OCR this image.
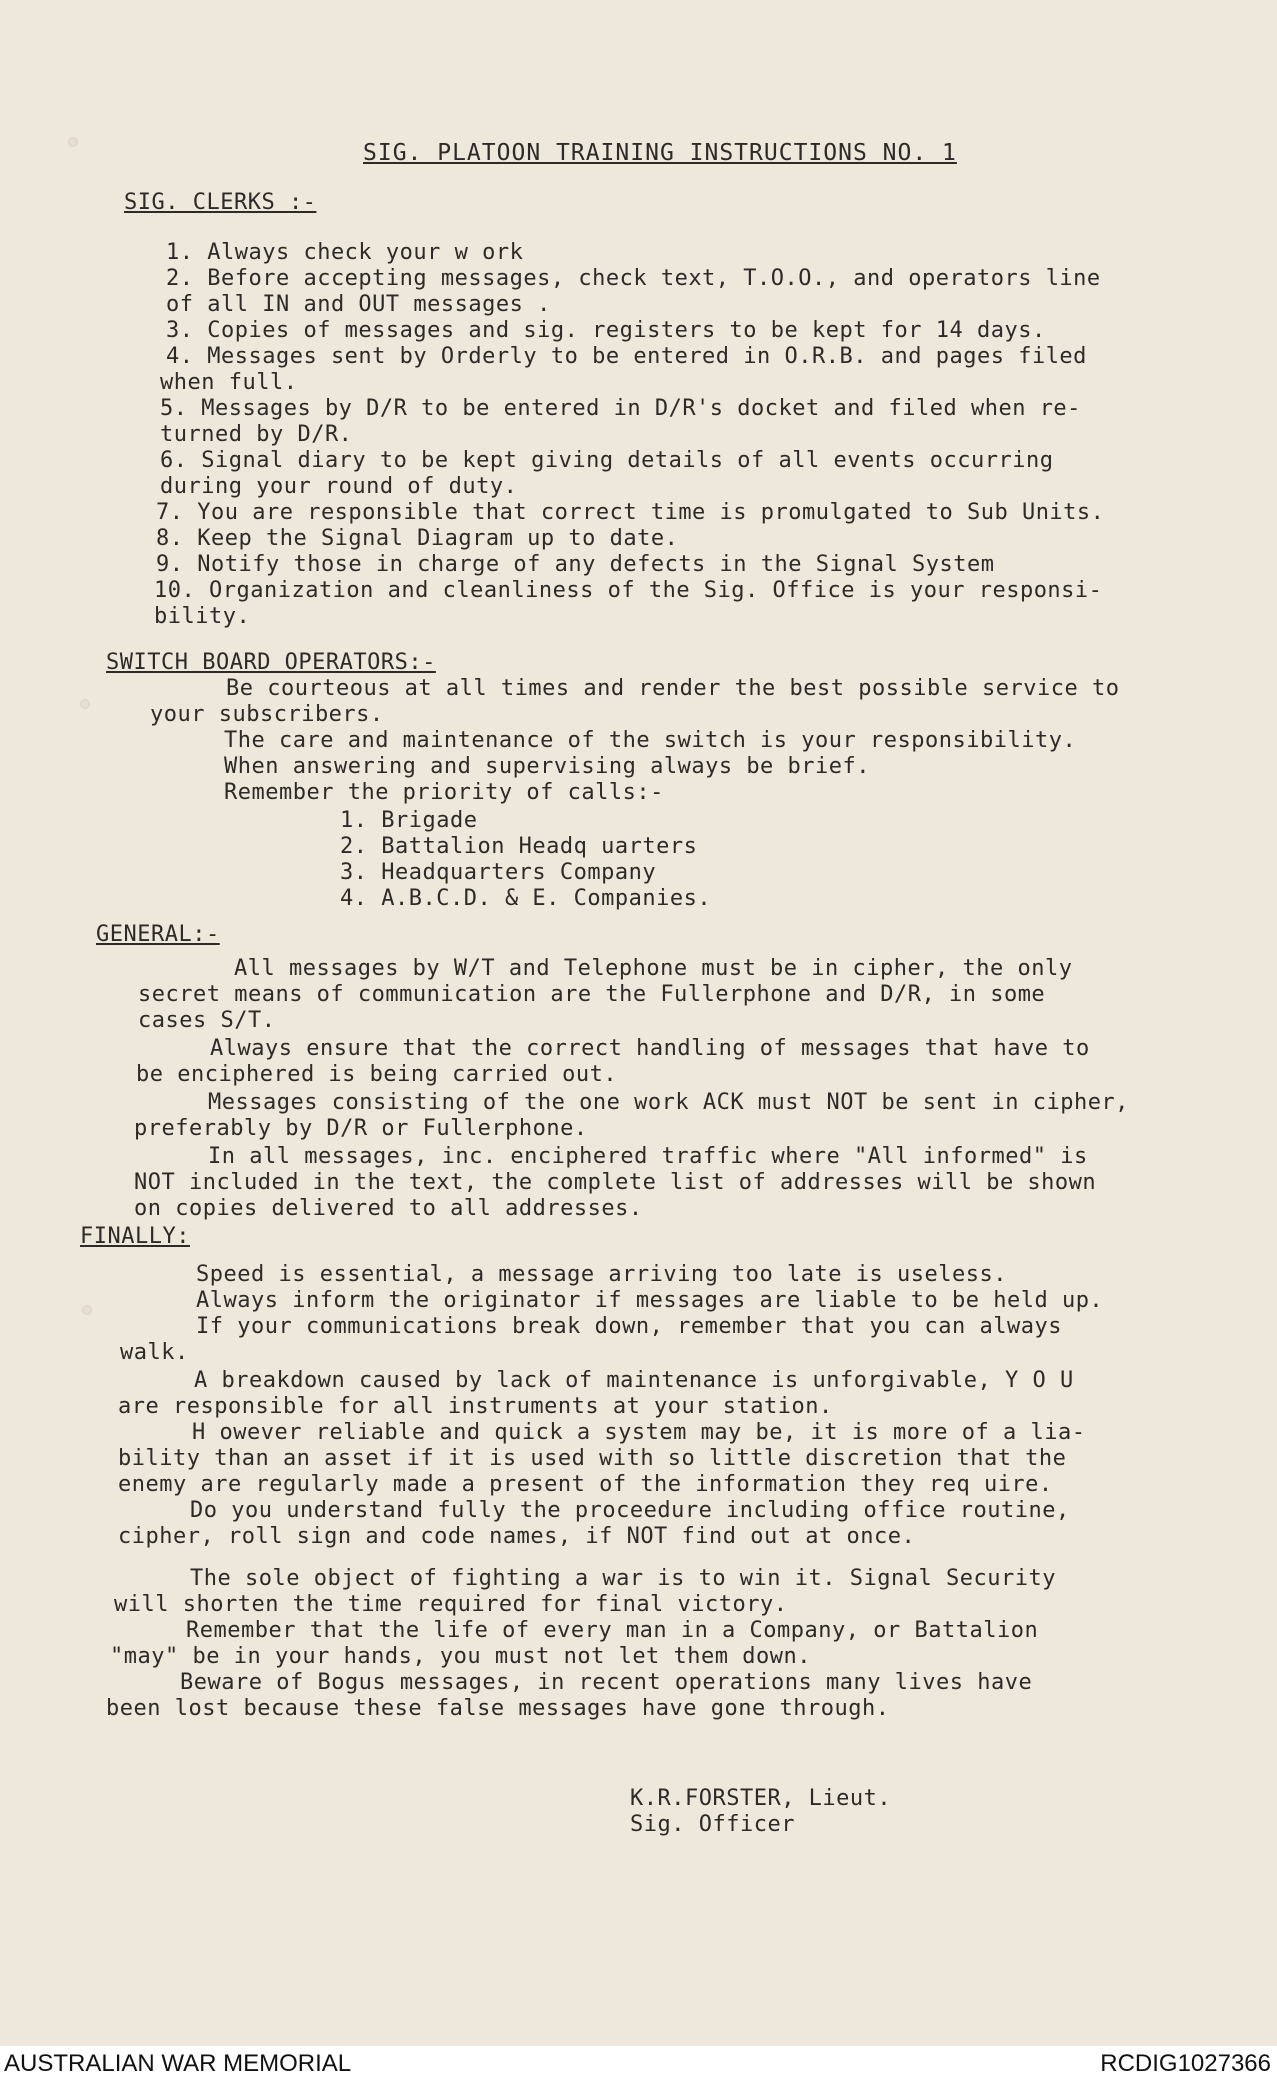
SIG. PLATOON TRAINING INSTRUCTIONS NO. 1
SIG. CLERKS :-
1. Always check your w ork
2. Before accepting messages, check text, T.O.O., and operators line
of all IN and OUT messages .
3. Copies of messages and sig. registers to be kept for 14 days.
4. Messages sent by Orderly to be entered in O.R.B. and pages filed
when full.
5. Messages by D/R to be entered in D/R's docket and filed when re-
turned by D/R.
6. Signal diary to be kept giving details of all events occurring
during your round of duty.
7. You are responsible that correct time is promulgated to Sub Units.
8. Keep the Signal Diagram up to date.
9. Notify those in charge of any defects in the Signal System
10. Organization and cleanliness of the Sig. Office is your responsi-
bility.
SWITCH BOARD OPERATORS:-
Be courteous at all times and render the best possible service to
your subscribers.
The care and maintenance of the switch is your responsibility.
When answering and supervising always be brief.
Remember the priority of calls:-
1. Brigade
2. Battalion Headq uarters
3. Headquarters Company
4. A.B.C.D. & E. Companies.
GENERAL:-
All messages by W/T and Telephone must be in cipher, the only
secret means of communication are the Fullerphone and D/R, in some
cases S/T.
Always ensure that the correct handling of messages that have to
be enciphered is being carried out.
Messages consisting of the one work ACK must NOT be sent in cipher,
preferably by D/R or Fullerphone.
In all messages, inc. enciphered traffic where "All informed" is
NOT included in the text, the complete list of addresses will be shown
on copies delivered to all addresses.
FINALLY:
Speed is essential, a message arriving too late is useless.
Always inform the originator if messages are liable to be held up.
If your communications break down, remember that you can always
walk.
A breakdown caused by lack of maintenance is unforgivable, Y O U
are responsible for all instruments at your station.
H owever reliable and quick a system may be, it is more of a lia-
bility than an asset if it is used with so little discretion that the
enemy are regularly made a present of the information they req uire.
Do you understand fully the proceedure including office routine,
cipher, roll sign and code names, if NOT find out at once.
The sole object of fighting a war is to win it. Signal Security
will shorten the time required for final victory.
Remember that the life of every man in a Company, or Battalion
"may" be in your hands, you must not let them down.
Beware of Bogus messages, in recent operations many lives have
been lost because these false messages have gone through.
K.R.FORSTER, Lieut.
Sig. Officer
AUSTRALIAN WAR MEMORIAL	RCDIG1027366
